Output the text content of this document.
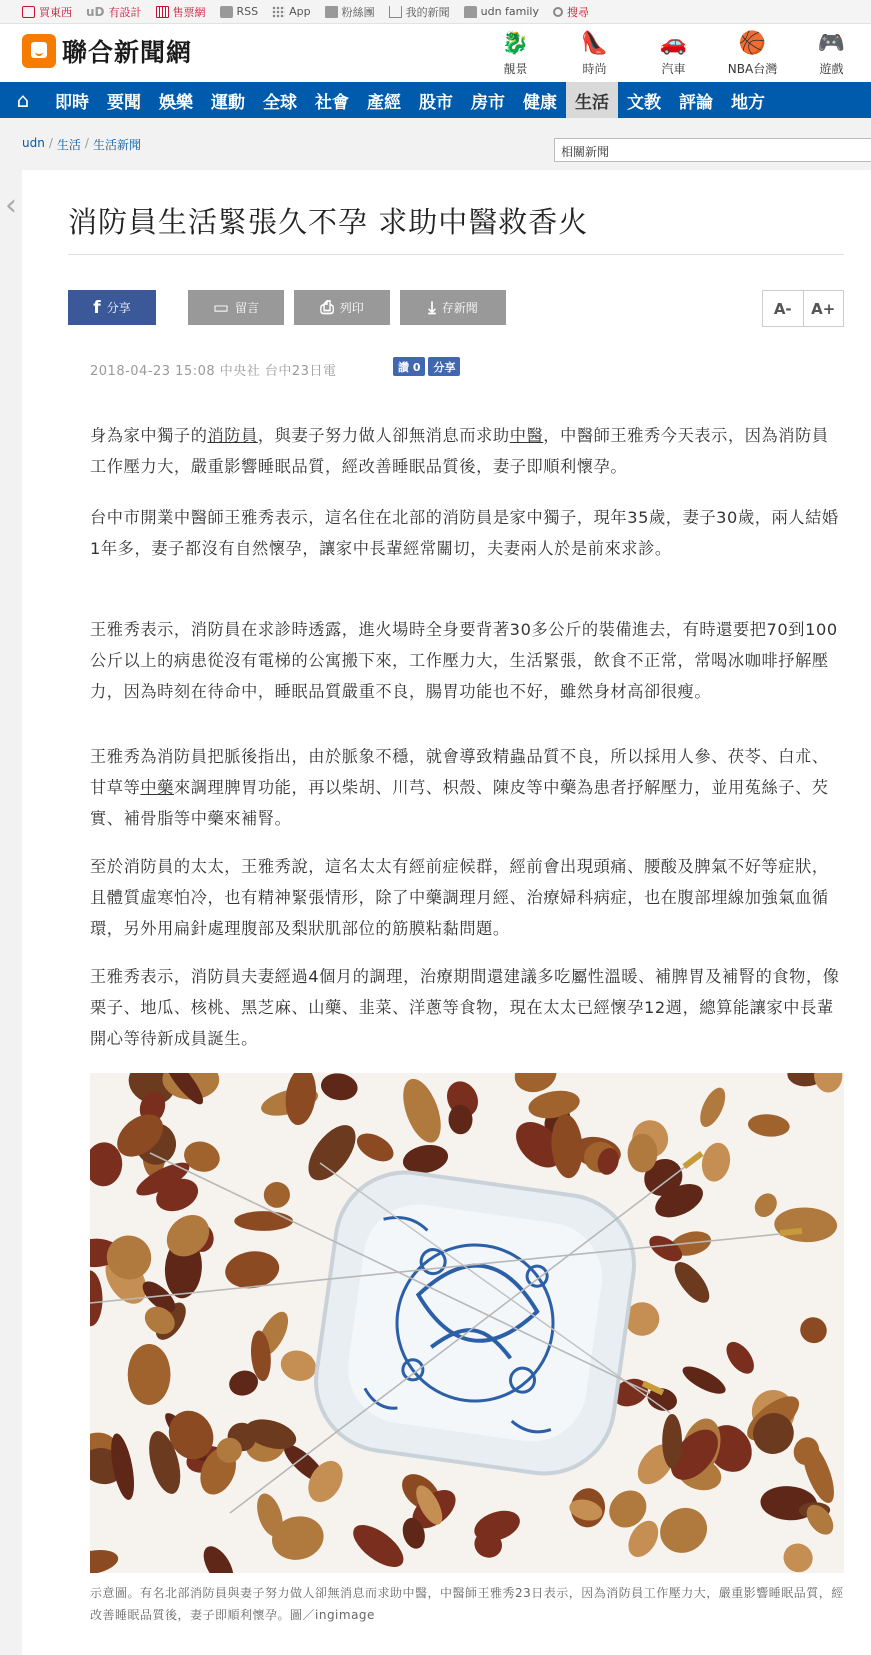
買東西 uD 有設計	售票網	RSS	App	粉絲團	我的新聞	udn family	搜尋
聯合新聞網	🐉
靚景
👠
時尚
🚗
汽車
🏀
NBA台灣
🎮
遊戲
⌂	即時	要聞	娛樂	運動	全球	社會	產經	股市	房市	健康	生活	文教	評論	地方
udn / 生活 / 生活新聞	相關新聞
‹ 消防員生活緊張久不孕 求助中醫救香火
f 分享	▭ 留言	⎙ 列印	⤓ 存新聞	A-	A+
2018-04-23 15:08 中央社 台中23日電	讚 0	分享

身為家中獨子的消防員，與妻子努力做人卻無消息而求助中醫，中醫師王雅秀今天表示，因為消防員工作壓力大，嚴重影響睡眠品質，經改善睡眠品質後，妻子即順利懷孕。

台中市開業中醫師王雅秀表示，這名住在北部的消防員是家中獨子，現年35歲，妻子30歲，兩人結婚1年多，妻子都沒有自然懷孕，讓家中長輩經常關切，夫妻兩人於是前來求診。

王雅秀表示，消防員在求診時透露，進火場時全身要背著30多公斤的裝備進去，有時還要把70到100公斤以上的病患從沒有電梯的公寓搬下來，工作壓力大，生活緊張，飲食不正常，常喝冰咖啡抒解壓力，因為時刻在待命中，睡眠品質嚴重不良，腸胃功能也不好，雖然身材高卻很瘦。

王雅秀為消防員把脈後指出，由於脈象不穩，就會導致精蟲品質不良，所以採用人參、茯苓、白朮、甘草等中藥來調理脾胃功能，再以柴胡、川芎、枳殼、陳皮等中藥為患者抒解壓力，並用菟絲子、芡實、補骨脂等中藥來補腎。

至於消防員的太太，王雅秀說，這名太太有經前症候群，經前會出現頭痛、腰酸及脾氣不好等症狀，且體質虛寒怕冷，也有精神緊張情形，除了中藥調理月經、治療婦科病症，也在腹部埋線加強氣血循環，另外用扁針處理腹部及梨狀肌部位的筋膜粘黏問題。

王雅秀表示，消防員夫妻經過4個月的調理，治療期間還建議多吃屬性溫暖、補脾胃及補腎的食物，像栗子、地瓜、核桃、黑芝麻、山藥、韭菜、洋蔥等食物，現在太太已經懷孕12週，總算能讓家中長輩開心等待新成員誕生。

示意圖。有名北部消防員與妻子努力做人卻無消息而求助中醫，中醫師王雅秀23日表示，因為消防員工作壓力大，嚴重影響睡眠品質，經改善睡眠品質後，妻子即順利懷孕。圖／ingimage
